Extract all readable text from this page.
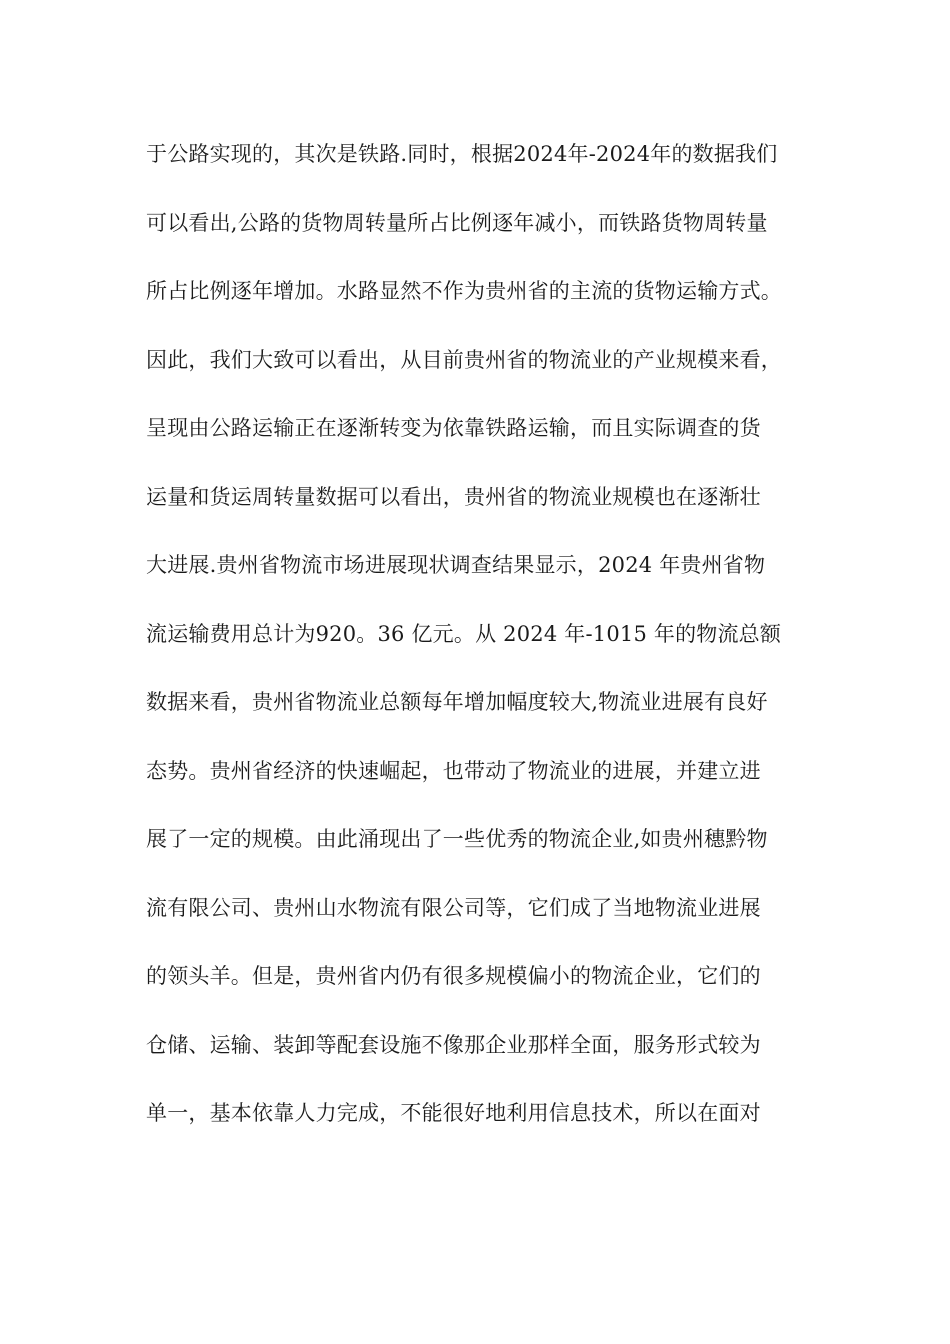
于公路实现的，其次是铁路.同时，根据2024年-2024年的数据我们
可以看出,公路的货物周转量所占比例逐年减小，而铁路货物周转量
所占比例逐年增加。水路显然不作为贵州省的主流的货物运输方式。
因此，我们大致可以看出，从目前贵州省的物流业的产业规模来看，
呈现由公路运输正在逐渐转变为依靠铁路运输，而且实际调查的货
运量和货运周转量数据可以看出，贵州省的物流业规模也在逐渐壮
大进展.贵州省物流市场进展现状调查结果显示，2024 年贵州省物
流运输费用总计为920。36 亿元。从 2024 年-1015 年的物流总额
数据来看，贵州省物流业总额每年增加幅度较大,物流业进展有良好
态势。贵州省经济的快速崛起，也带动了物流业的进展，并建立进
展了一定的规模。由此涌现出了一些优秀的物流企业,如贵州穗黔物
流有限公司、贵州山水物流有限公司等，它们成了当地物流业进展
的领头羊。但是，贵州省内仍有很多规模偏小的物流企业，它们的
仓储、运输、装卸等配套设施不像那企业那样全面，服务形式较为
单一，基本依靠人力完成，不能很好地利用信息技术，所以在面对
